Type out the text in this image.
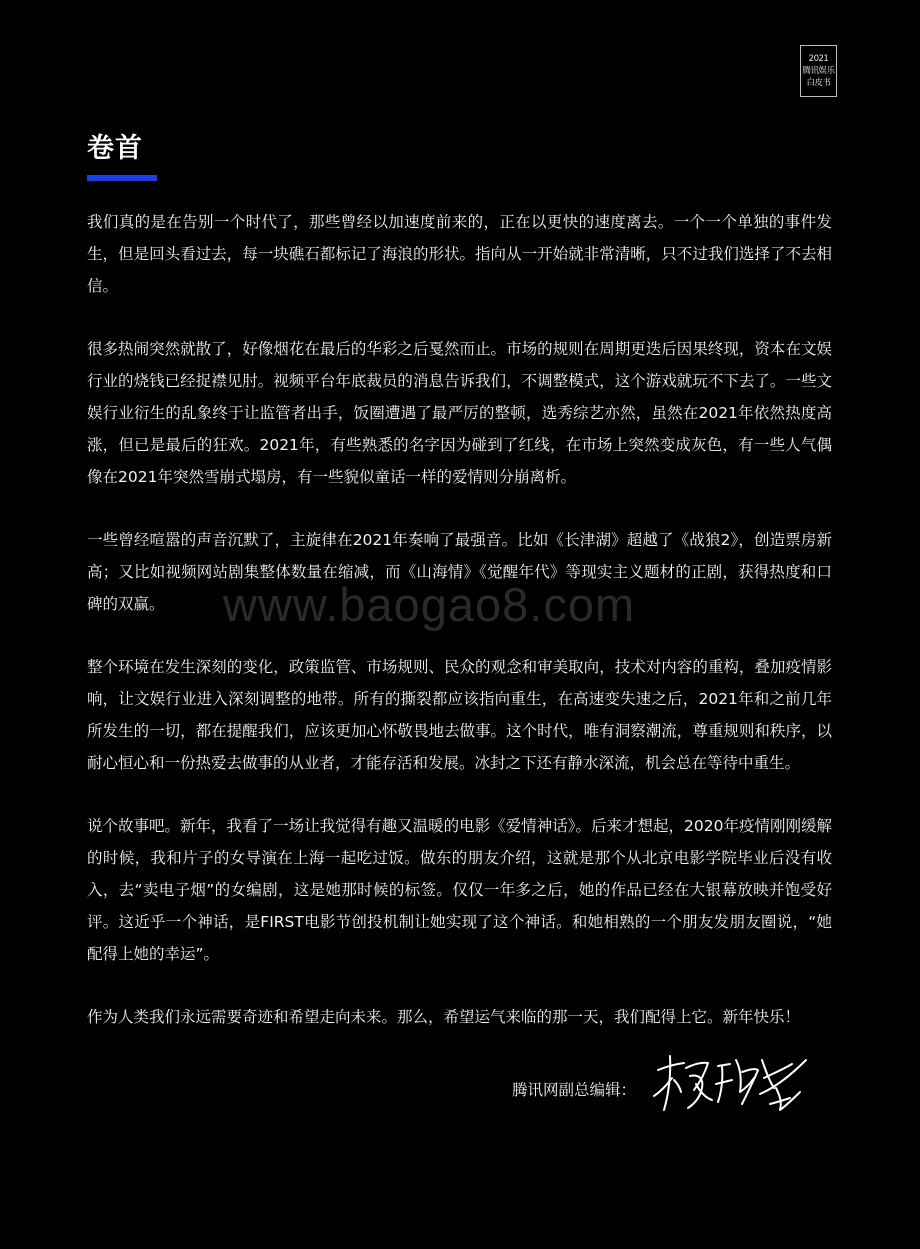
2021
腾讯娱乐
白皮书
卷首

我们真的是在告别一个时代了，那些曾经以加速度前来的，正在以更快的速度离去。一个一个单独的事件发生，但是回头看过去，每一块礁石都标记了海浪的形状。指向从一开始就非常清晰，只不过我们选择了不去相信。

很多热闹突然就散了，好像烟花在最后的华彩之后戛然而止。市场的规则在周期更迭后因果终现，资本在文娱行业的烧钱已经捉襟见肘。视频平台年底裁员的消息告诉我们，不调整模式，这个游戏就玩不下去了。一些文娱行业衍生的乱象终于让监管者出手，饭圈遭遇了最严厉的整顿，选秀综艺亦然，虽然在2021年依然热度高涨，但已是最后的狂欢。2021年，有些熟悉的名字因为碰到了红线，在市场上突然变成灰色，有一些人气偶像在2021年突然雪崩式塌房，有一些貌似童话一样的爱情则分崩离析。

一些曾经喧嚣的声音沉默了，主旋律在2021年奏响了最强音。比如《长津湖》超越了《战狼2》，创造票房新高；又比如视频网站剧集整体数量在缩减，而《山海情》《觉醒年代》等现实主义题材的正剧，获得热度和口碑的双赢。

整个环境在发生深刻的变化，政策监管、市场规则、民众的观念和审美取向，技术对内容的重构，叠加疫情影响，让文娱行业进入深刻调整的地带。所有的撕裂都应该指向重生，在高速变失速之后，2021年和之前几年所发生的一切，都在提醒我们，应该更加心怀敬畏地去做事。这个时代，唯有洞察潮流，尊重规则和秩序，以耐心恒心和一份热爱去做事的从业者，才能存活和发展。冰封之下还有静水深流，机会总在等待中重生。

说个故事吧。新年，我看了一场让我觉得有趣又温暖的电影《爱情神话》。后来才想起，2020年疫情刚刚缓解的时候，我和片子的女导演在上海一起吃过饭。做东的朋友介绍，这就是那个从北京电影学院毕业后没有收入，去“卖电子烟”的女编剧，这是她那时候的标签。仅仅一年多之后，她的作品已经在大银幕放映并饱受好评。这近乎一个神话，是FIRST电影节创投机制让她实现了这个神话。和她相熟的一个朋友发朋友圈说，“她配得上她的幸运”。

作为人类我们永远需要奇迹和希望走向未来。那么，希望运气来临的那一天，我们配得上它。新年快乐！

www.baogao8.com
腾讯网副总编辑：
